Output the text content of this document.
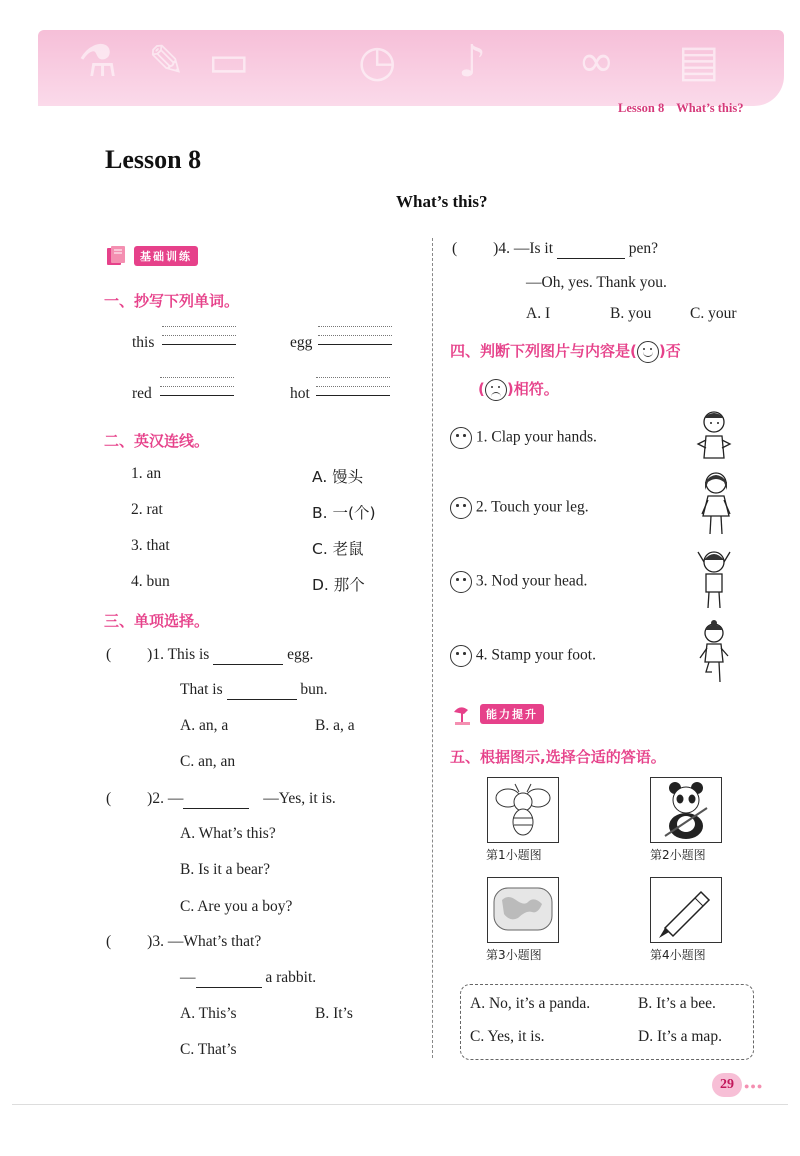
⚗ ✎ ▭ ◷ ♪ ∞ ▤
Lesson 8 What’s this?
Lesson 8
What’s this?
基础训练
一、抄写下列单词。
this	egg
red	hot
二、英汉连线。
1. an	A. 馒头
2. rat	B. 一(个)
3. that	C. 老鼠
4. bun	D. 那个
三、单项选择。
( )1. This is	egg.
That is	bun.
A. an, a	B. a, a
C. an, an
( )2. —	—Yes, it is.
A. What’s this?
B. Is it a bear?
C. Are you a boy?
( )3. —What’s that?
—	a rabbit.
A. This’s	B. It’s
C. That’s
( )4. —Is it	pen?
—Oh, yes. Thank you.
A. I	B. you C. your
四、判断下列图片与内容是( )否
( )相符。
1. Clap your hands.
2. Touch your leg.
3. Nod your head.
4. Stamp your foot.
能力提升
五、根据图示,选择合适的答语。
第1小题图	第2小题图
第3小题图	第4小题图
A. No, it’s a panda.	B. It’s a bee.
C. Yes, it is.	D. It’s a map.
29	●●●
